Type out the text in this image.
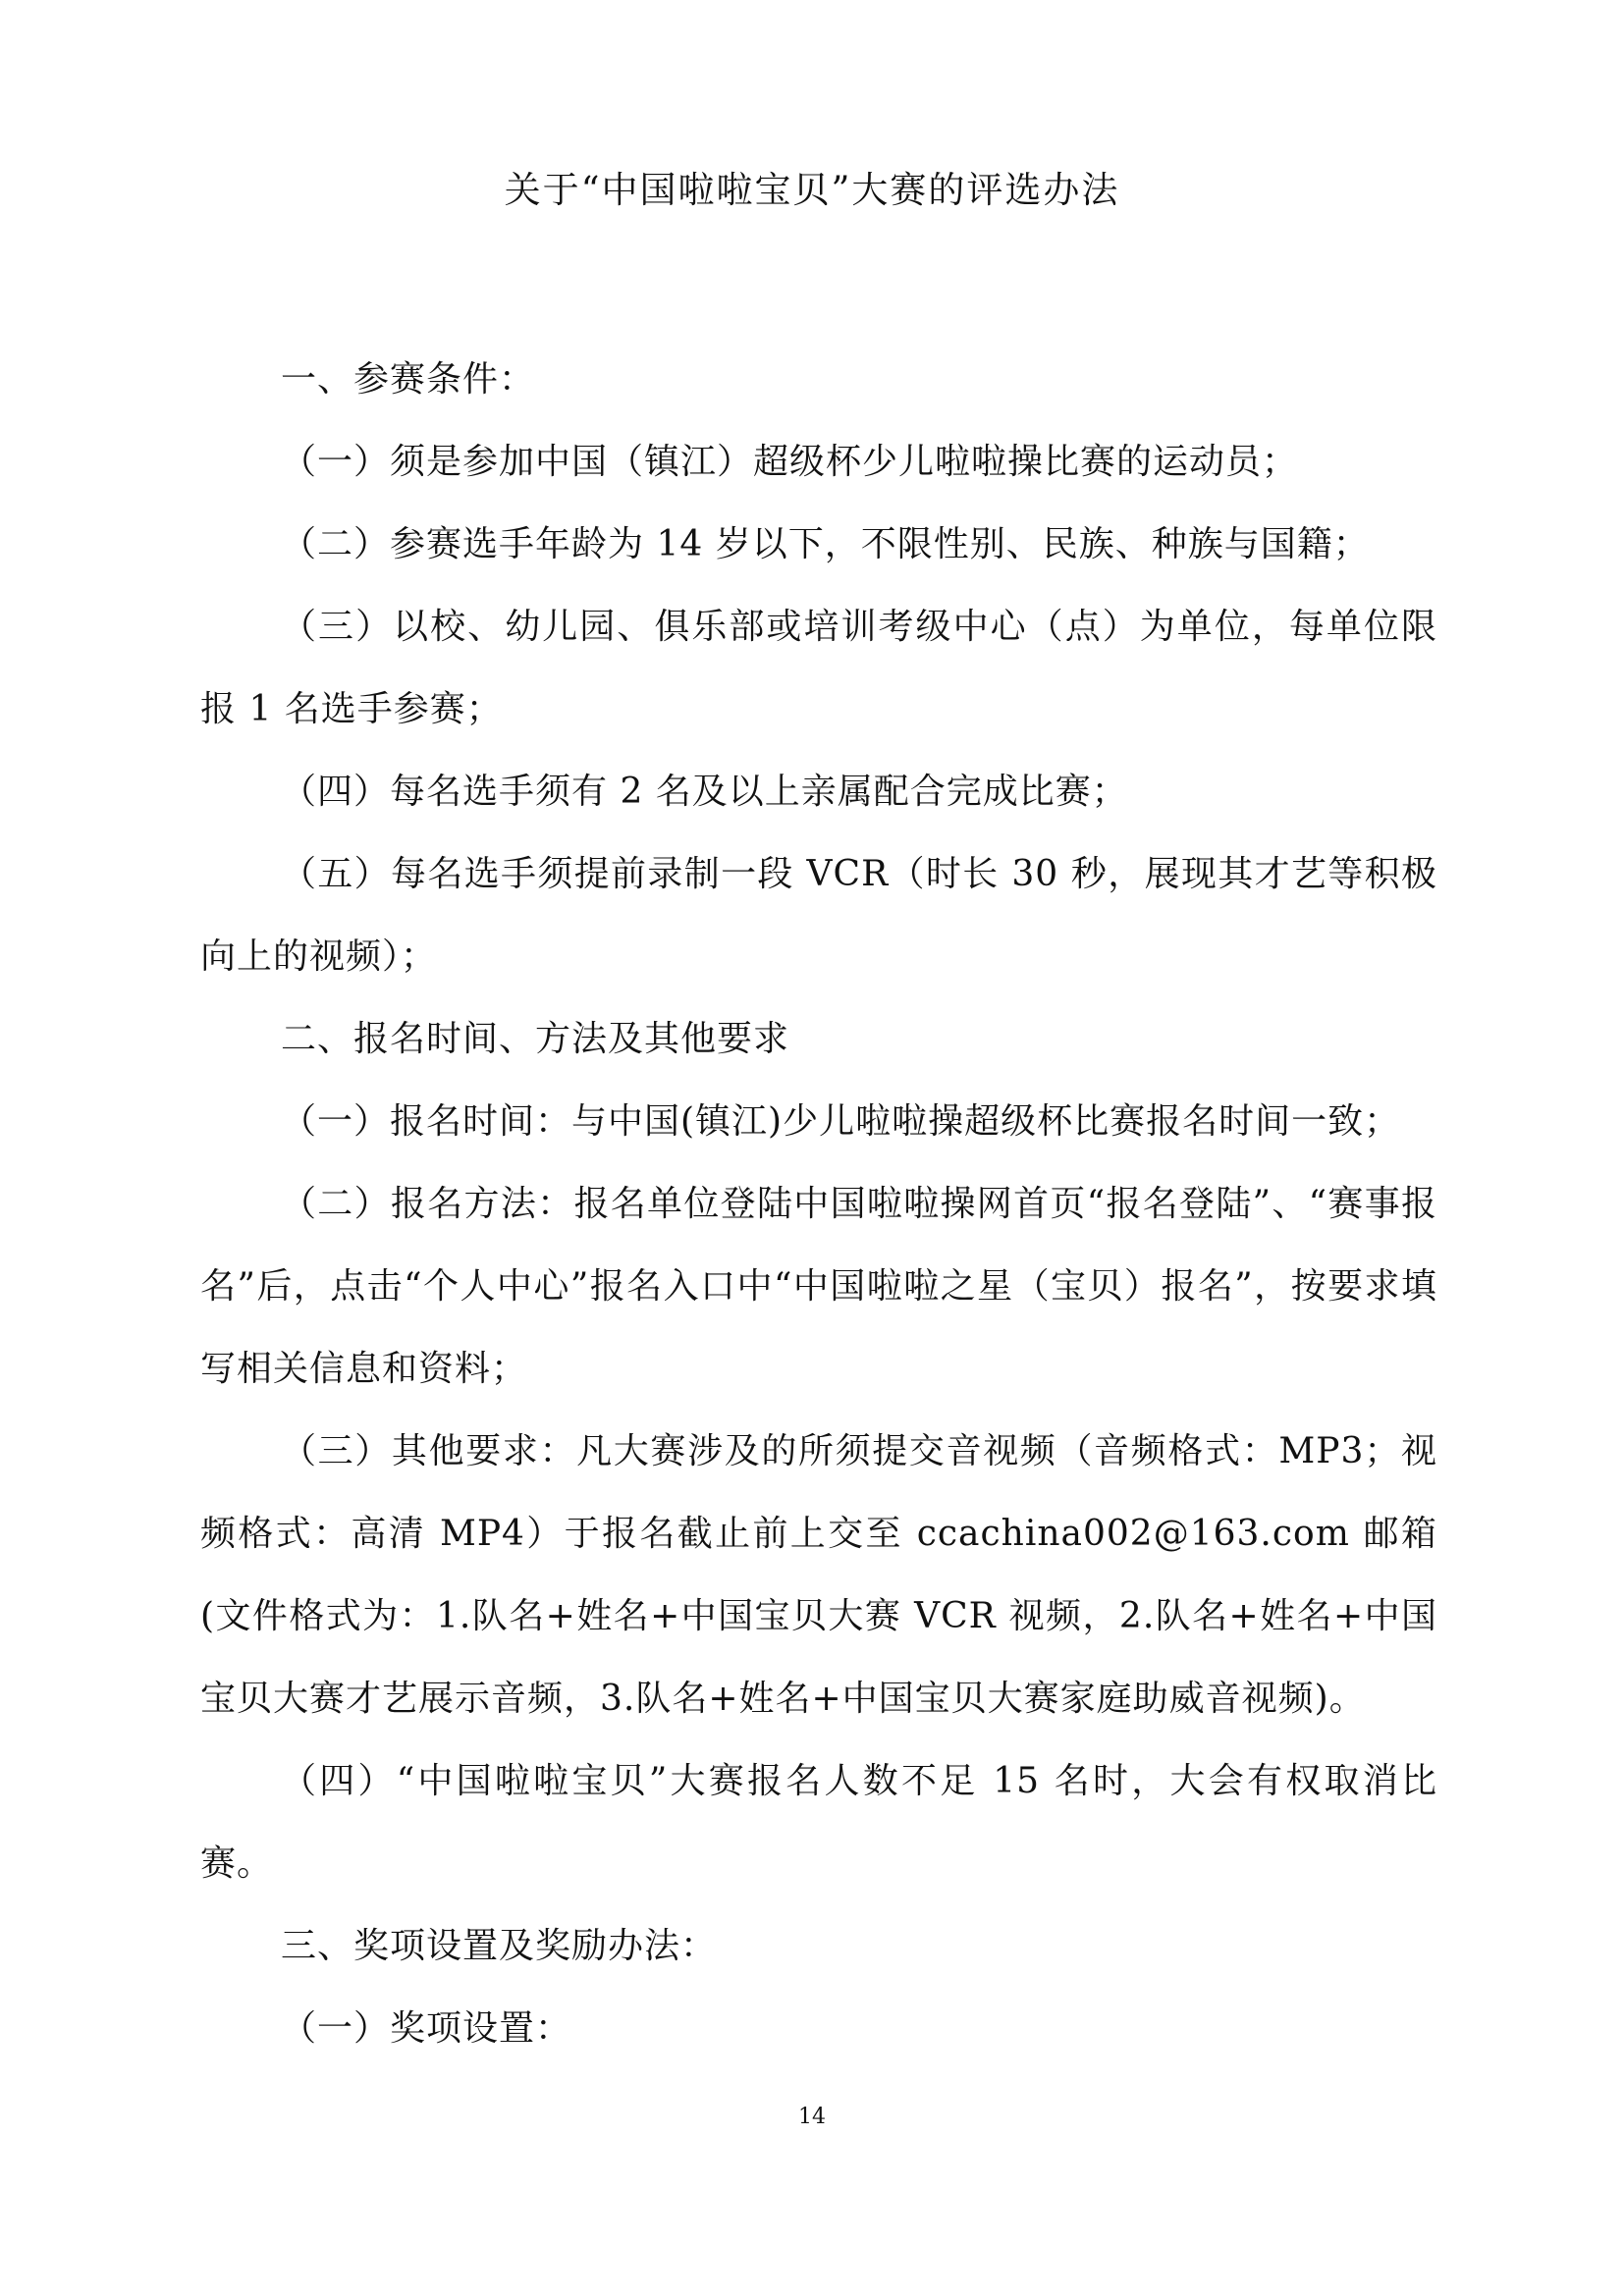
关于“中国啦啦宝贝”大赛的评选办法

一、参赛条件：

（一）须是参加中国（镇江）超级杯少儿啦啦操比赛的运动员；

（二）参赛选手年龄为 14 岁以下，不限性别、民族、种族与国籍；

（三）以校、幼儿园、俱乐部或培训考级中心（点）为单位，每单位限报 1 名选手参赛；

（四）每名选手须有 2 名及以上亲属配合完成比赛；

（五）每名选手须提前录制一段 VCR（时长 30 秒，展现其才艺等积极向上的视频）；

二、报名时间、方法及其他要求

（一）报名时间：与中国(镇江)少儿啦啦操超级杯比赛报名时间一致；

（二）报名方法：报名单位登陆中国啦啦操网首页“报名登陆”、“赛事报名”后，点击“个人中心”报名入口中“中国啦啦之星（宝贝）报名”，按要求填写相关信息和资料；

（三）其他要求：凡大赛涉及的所须提交音视频（音频格式：MP3；视频格式：高清 MP4）于报名截止前上交至 ccachina002@163.com 邮箱(文件格式为：1.队名+姓名+中国宝贝大赛 VCR 视频，2.队名+姓名+中国宝贝大赛才艺展示音频，3.队名+姓名+中国宝贝大赛家庭助威音视频)。

（四）“中国啦啦宝贝”大赛报名人数不足 15 名时，大会有权取消比赛。

三、奖项设置及奖励办法：

（一）奖项设置：

14
